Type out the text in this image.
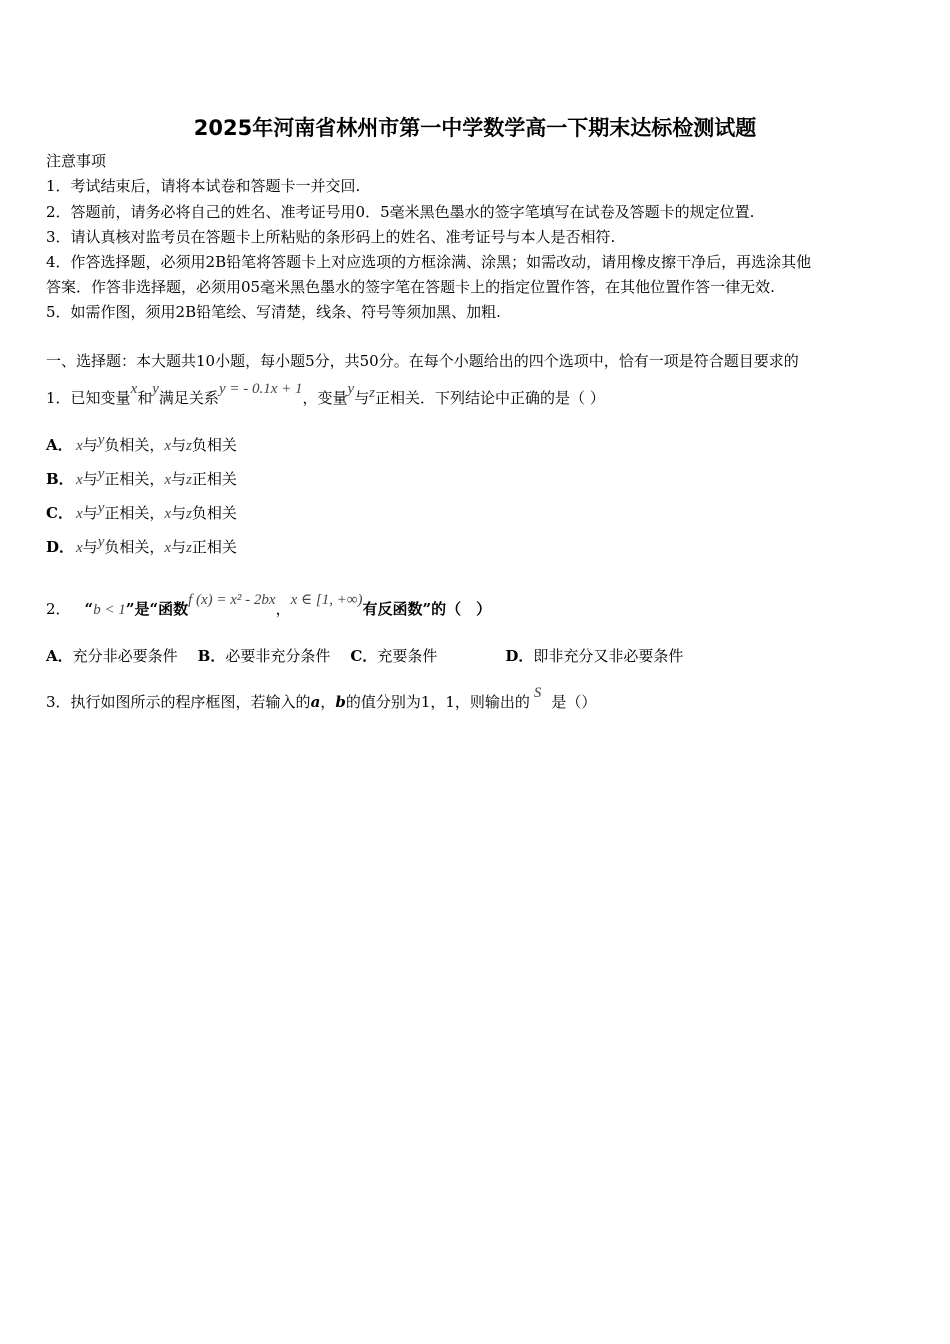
2025年河南省林州市第一中学数学高一下期末达标检测试题
注意事项
1．考试结束后，请将本试卷和答题卡一并交回.
2．答题前，请务必将自己的姓名、准考证号用0．5毫米黑色墨水的签字笔填写在试卷及答题卡的规定位置.
3．请认真核对监考员在答题卡上所粘贴的条形码上的姓名、准考证号与本人是否相符.
4．作答选择题，必须用2B铅笔将答题卡上对应选项的方框涂满、涂黑；如需改动，请用橡皮擦干净后，再选涂其他
答案．作答非选择题，必须用05毫米黑色墨水的签字笔在答题卡上的指定位置作答，在其他位置作答一律无效.
5．如需作图，须用2B铅笔绘、写清楚，线条、符号等须加黑、加粗.
一、选择题：本大题共10小题，每小题5分，共50分。在每个小题给出的四个选项中，恰有一项是符合题目要求的
1．已知变量x和y满足关系y = - 0.1x + 1，变量y与z正相关．下列结论中正确的是（ ）
A． x与y负相关，x与z负相关
B． x与y正相关，x与z正相关
C． x与y正相关，x与z负相关
D． x与y负相关，x与z正相关
2． “b < 1”是“函数f (x) = x² - 2bx，x ∈ [1, +∞)有反函数”的（　）
A．充分非必要条件 B．必要非充分条件 C．充要条件	D．即非充分又非必要条件
3．执行如图所示的程序框图，若输入的a，b的值分别为1，1，则输出的 S 是（）
